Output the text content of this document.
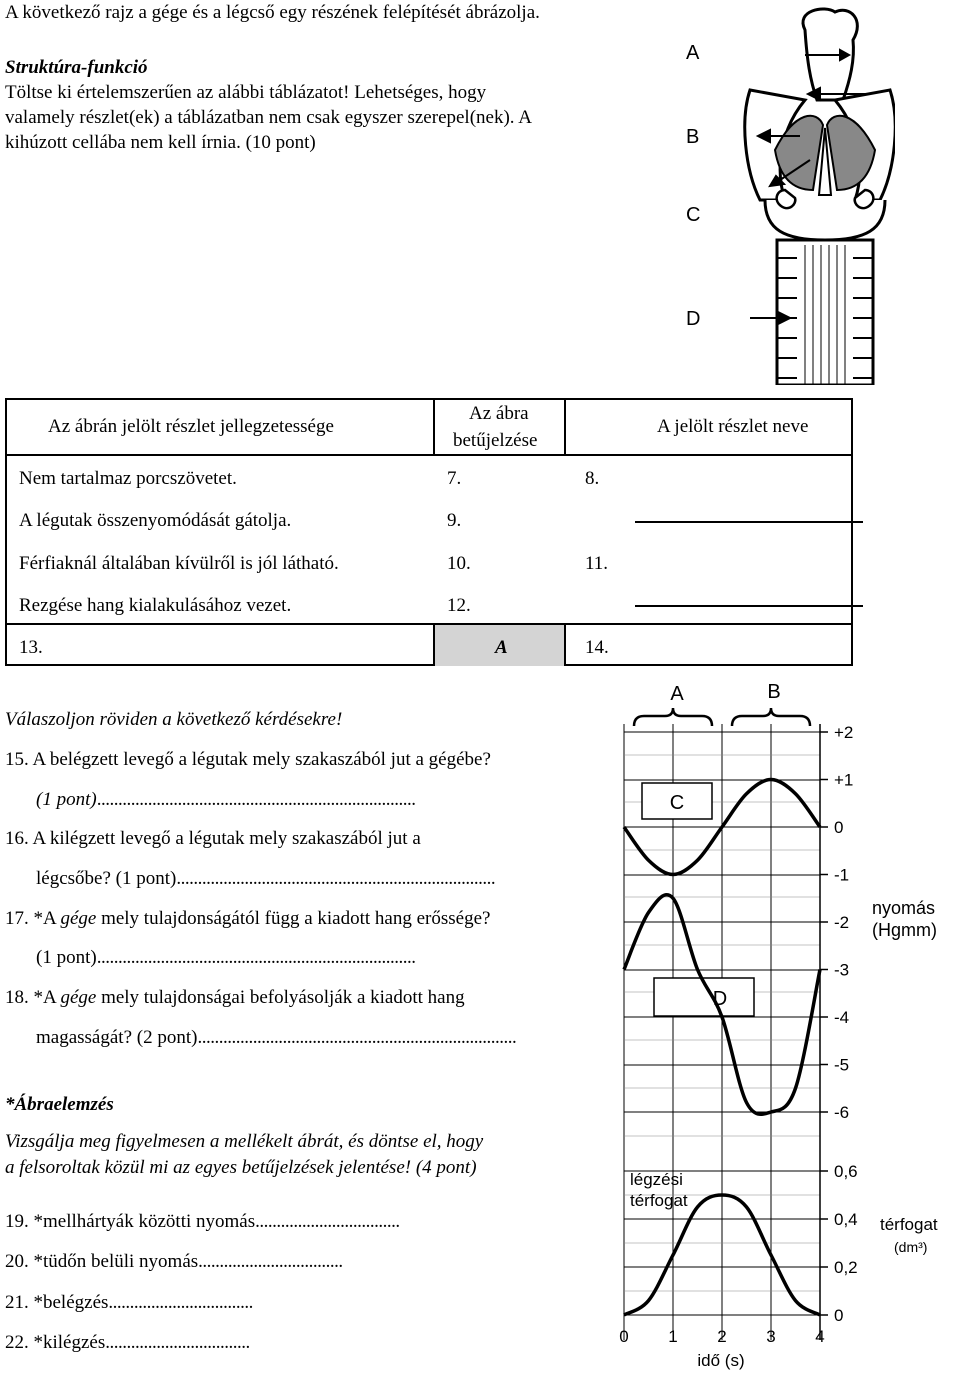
A következő rajz a gége és a légcső egy részének felépítését ábrázolja.
Struktúra-funkció
Töltse ki értelemszerűen az alábbi táblázatot! Lehetséges, hogy
valamely részlet(ek) a táblázatban nem csak egyszer szerepel(nek). A
kihúzott cellába nem kell írnia. (10 pont)
A
B
C
D
Az ábrán jelölt részlet jellegzetessége
Az ábra
betűjelzése
A jelölt részlet neve
Nem tartalmaz porcszövetet.	7.	8.
A légutak összenyomódását gátolja.	9.
Férfiaknál általában kívülről is jól látható.	10.	11.
Rezgése hang kialakulásához vezet.	12.
13.	A	14.
Válaszoljon röviden a következő kérdésekre!
15. A belégzett levegő a légutak mely szakaszából jut a gégébe?
(1 pont)...........................................................................
16. A kilégzett levegő a légutak mely szakaszából jut a
légcsőbe? (1 pont)...........................................................................
17. *A gége mely tulajdonságától függ a kiadott hang erőssége?
(1 pont)...........................................................................
18. *A gége mely tulajdonságai befolyásolják a kiadott hang
magasságát? (2 pont)...........................................................................
*Ábraelemzés
Vizsgálja meg figyelmesen a mellékelt ábrát, és döntse el, hogy
a felsoroltak közül mi az egyes betűjelzések jelentése! (4 pont)
19. *mellhártyák közötti nyomás..................................
20. *tüdőn belüli nyomás..................................
21. *belégzés..................................
22. *kilégzés..................................
A	B
+2
+1
0
-1
-2
-3
-4
-5
-6
nyomás
(Hgmm)
0,6
0,4
0,2
0
térfogat
(dm³)
légzési
térfogat
0 1 2 3 4
idő (s)
C
D
